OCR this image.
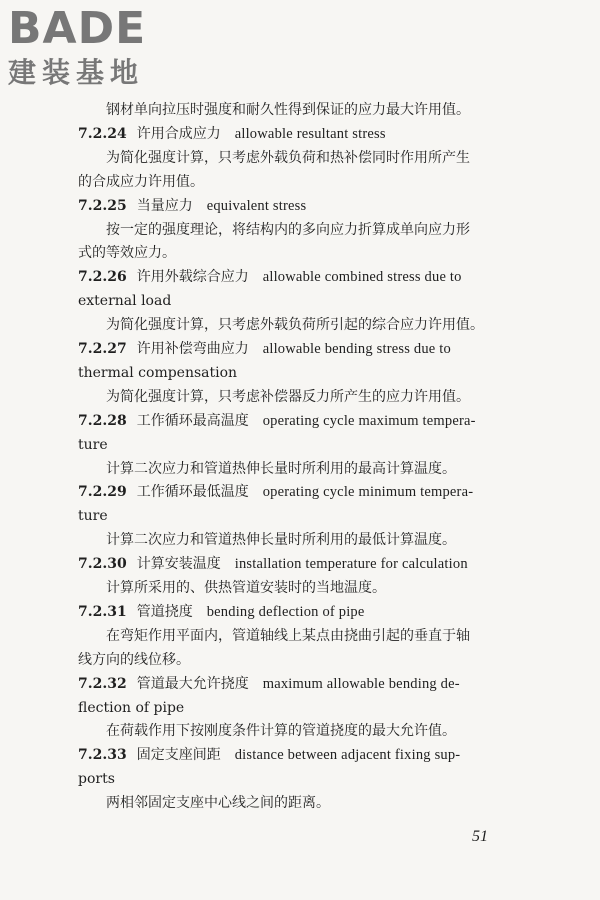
BADE
建装基地
钢材单向拉压时强度和耐久性得到保证的应力最大许用值。
7.2.24 许用合成应力 allowable resultant stress
为简化强度计算，只考虑外载负荷和热补偿同时作用所产生
的合成应力许用值。
7.2.25 当量应力 equivalent stress
按一定的强度理论，将结构内的多向应力折算成单向应力形
式的等效应力。
7.2.26 许用外载综合应力 allowable combined stress due to
external load
为简化强度计算，只考虑外载负荷所引起的综合应力许用值。
7.2.27 许用补偿弯曲应力 allowable bending stress due to
thermal compensation
为简化强度计算，只考虑补偿器反力所产生的应力许用值。
7.2.28 工作循环最高温度 operating cycle maximum tempera-
ture
计算二次应力和管道热伸长量时所利用的最高计算温度。
7.2.29 工作循环最低温度 operating cycle minimum tempera-
ture
计算二次应力和管道热伸长量时所利用的最低计算温度。
7.2.30 计算安装温度 installation temperature for calculation
计算所采用的、供热管道安装时的当地温度。
7.2.31 管道挠度 bending deflection of pipe
在弯矩作用平面内，管道轴线上某点由挠曲引起的垂直于轴
线方向的线位移。
7.2.32 管道最大允许挠度 maximum allowable bending de-
flection of pipe
在荷载作用下按刚度条件计算的管道挠度的最大允许值。
7.2.33 固定支座间距 distance between adjacent fixing sup-
ports
两相邻固定支座中心线之间的距离。
51
